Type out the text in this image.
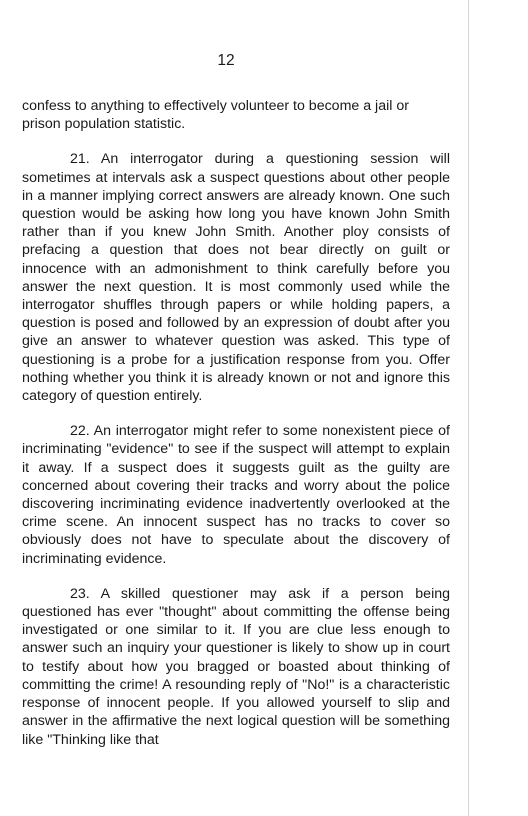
12

confess to anything to effectively volunteer to become a jail or prison population statistic.

21. An interrogator during a questioning session will sometimes at intervals ask a suspect questions about other people in a manner implying correct answers are already known. One such question would be asking how long you have known John Smith rather than if you knew John Smith. Another ploy consists of prefacing a question that does not bear directly on guilt or innocence with an admonishment to think carefully before you answer the next question. It is most commonly used while the interrogator shuffles through papers or while holding papers, a question is posed and followed by an expression of doubt after you give an answer to whatever question was asked. This type of questioning is a probe for a justification response from you. Offer nothing whether you think it is already known or not and ignore this category of question entirely.

22. An interrogator might refer to some nonexistent piece of incriminating "evidence" to see if the suspect will attempt to explain it away. If a suspect does it suggests guilt as the guilty are concerned about covering their tracks and worry about the police discovering incriminating evidence inadvertently overlooked at the crime scene. An innocent suspect has no tracks to cover so obviously does not have to speculate about the discovery of incriminating evidence.

23. A skilled questioner may ask if a person being questioned has ever "thought" about committing the offense being investigated or one similar to it. If you are clue less enough to answer such an inquiry your questioner is likely to show up in court to testify about how you bragged or boasted about thinking of committing the crime! A resounding reply of "No!" is a characteristic response of innocent people. If you allowed yourself to slip and answer in the affirmative the next logical question will be something like "Thinking like that
